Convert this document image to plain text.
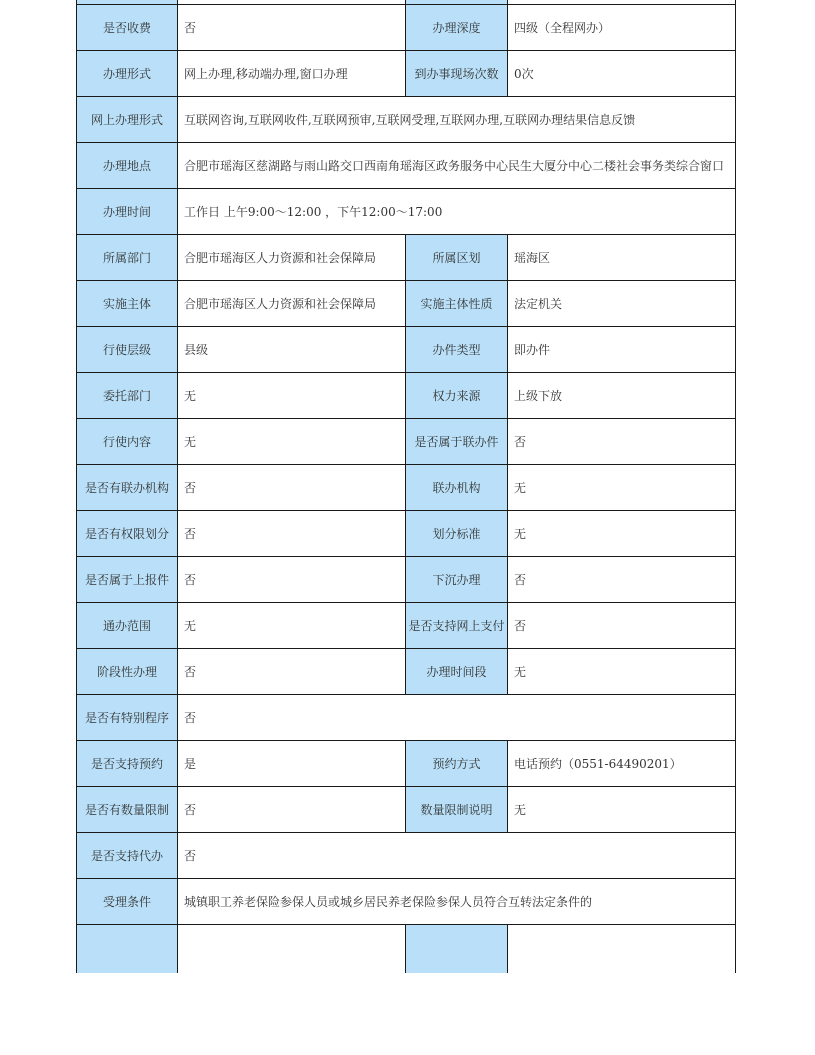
是否收费	否	办理深度	四级（全程网办）
办理形式	网上办理,移动端办理,窗口办理	到办事现场次数	0次
网上办理形式	互联网咨询,互联网收件,互联网预审,互联网受理,互联网办理,互联网办理结果信息反馈		
办理地点	合肥市瑶海区慈湖路与雨山路交口西南角瑶海区政务服务中心民生大厦分中心二楼社会事务类综合窗口		
办理时间	工作日 上午9:00～12:00 ，下午12:00～17:00		
所属部门	合肥市瑶海区人力资源和社会保障局	所属区划	瑶海区
实施主体	合肥市瑶海区人力资源和社会保障局	实施主体性质	法定机关
行使层级	县级	办件类型	即办件
委托部门	无	权力来源	上级下放
行使内容	无	是否属于联办件	否
是否有联办机构	否	联办机构	无
是否有权限划分	否	划分标准	无
是否属于上报件	否	下沉办理	否
通办范围	无	是否支持网上支付	否
阶段性办理	否	办理时间段	无
是否有特别程序	否		
是否支持预约	是	预约方式	电话预约（0551-64490201）
是否有数量限制	否	数量限制说明	无
是否支持代办	否		
受理条件	城镇职工养老保险参保人员或城乡居民养老保险参保人员符合互转法定条件的		
